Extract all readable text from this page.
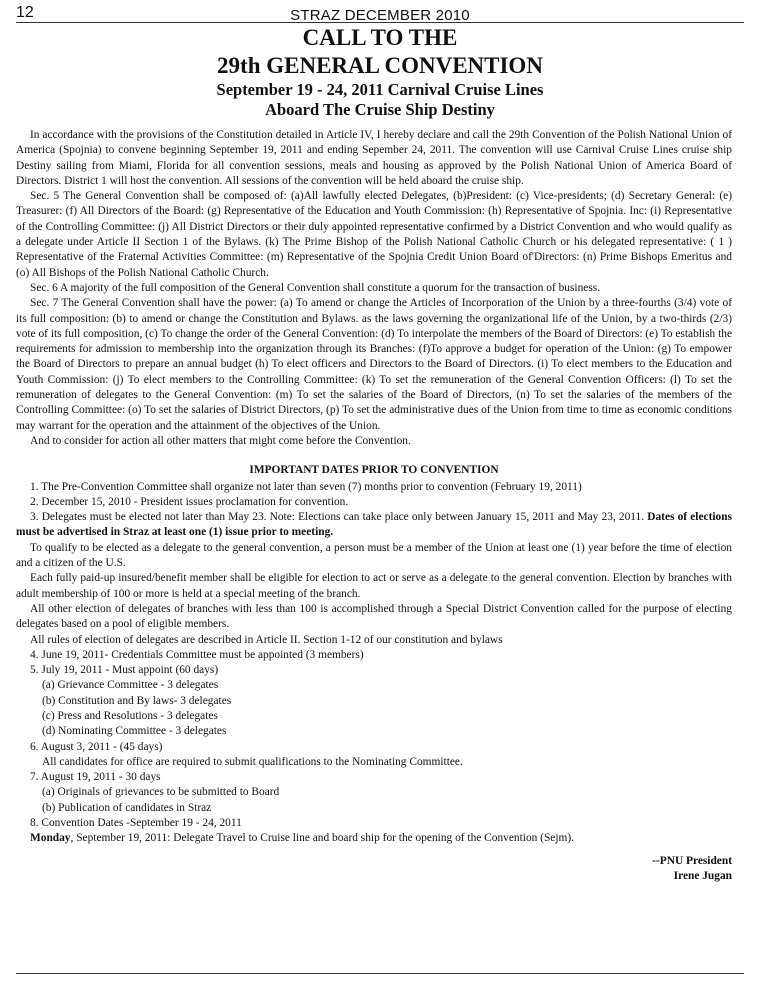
12	STRAZ DECEMBER 2010
CALL TO THE
29th GENERAL CONVENTION
September 19 - 24, 2011 Carnival Cruise Lines
Aboard The Cruise Ship Destiny

In accordance with the provisions of the Constitution detailed in Article IV, I hereby declare and call the 29th Convention of the Polish National Union of America (Spojnia) to convene beginning September 19, 2011 and ending Sepember 24, 2011. The convention will use Carnival Cruise Lines cruise ship Destiny sailing from Miami, Florida for all convention sessions, meals and housing as approved by the Polish National Union of America Board of Directors. District 1 will host the convention. All sessions of the convention will be held aboard the cruise ship.

Sec. 5 The General Convention shall be composed of: (a)All lawfully elected Delegates, (b)President: (c) Vice-presidents; (d) Secretary General: (e) Treasurer: (f) All Directors of the Board: (g) Representative of the Education and Youth Commission: (h) Representative of Spojnia. Inc: (i) Representative of the Controlling Committee: (j) All District Directors or their duly appointed representative confirmed by a District Convention and who would qualify as a delegate under Article II Section 1 of the Bylaws. (k) The Prime Bishop of the Polish National Catholic Church or his delegated representative: ( 1 ) Representative of the Fraternal Activities Committee: (m) Representative of the Spojnia Credit Union Board of'Directors: (n) Prime Bishops Emeritus and (o) All Bishops of the Polish National Catholic Church.

Sec. 6 A majority of the full composition of the General Convention shall constitute a quorum for the transaction of business.

Sec. 7 The General Convention shall have the power: (a) To amend or change the Articles of Incorporation of the Union by a three-fourths (3/4) vote of its full composition: (b) to amend or change the Constitution and Bylaws. as the laws governing the organizational life of the Union, by a two-thirds (2/3) vote of its full composition, (c) To change the order of the General Convention: (d) To interpolate the members of the Board of Directors: (e) To establish the requirements for admission to membership into the organization through its Branches: (f)To approve a budget for operation of the Union: (g) To empower the Board of Directors to prepare an annual budget (h) To elect officers and Directors to the Board of Directors. (i) To elect members to the Education and Youth Commission: (j) To elect members to the Controlling Committee: (k) To set the remuneration of the General Convention Officers: (l) To set the remuneration of delegates to the General Convention: (m) To set the salaries of the Board of Directors, (n) To set the salaries of the members of the Controlling Committee: (o) To set the salaries of District Directors, (p) To set the administrative dues of the Union from time to time as economic conditions may warrant for the operation and the attainment of the objectives of the Union.

And to consider for action all other matters that might come before the Convention.

IMPORTANT DATES PRIOR TO CONVENTION

1. The Pre-Convention Committee shall organize not later than seven (7) months prior to convention (February 19, 2011)

2. December 15, 2010 - President issues proclamation for convention.

3. Delegates must be elected not later than May 23. Note: Elections can take place only between January 15, 2011 and May 23, 2011. Dates of elections must be advertised in Straz at least one (1) issue prior to meeting.

To qualify to be elected as a delegate to the general convention, a person must be a member of the Union at least one (1) year before the time of election and a citizen of the U.S.

Each fully paid-up insured/benefit member shall be eligible for election to act or serve as a delegate to the general convention. Election by branches with adult membership of 100 or more is held at a special meeting of the branch.

All other election of delegates of branches with less than 100 is accomplished through a Special District Convention called for the purpose of electing delegates based on a pool of eligible members.

All rules of election of delegates are described in Article II. Section 1-12 of our constitution and bylaws

4. June 19, 2011- Credentials Committee must be appointed (3 members)

5. July 19, 2011 - Must appoint (60 days)

(a) Grievance Committee - 3 delegates

(b) Constitution and By laws- 3 delegates

(c) Press and Resolutions - 3 delegates

(d) Nominating Committee - 3 delegates

6. August 3, 2011 - (45 days)

All candidates for office are required to submit qualifications to the Nominating Committee.

7. August 19, 2011 - 30 days

(a) Originals of grievances to be submitted to Board

(b) Publication of candidates in Straz

8. Convention Dates -September 19 - 24, 2011

Monday, September 19, 2011: Delegate Travel to Cruise line and board ship for the opening of the Convention (Sejm).

--PNU President
Irene Jugan
